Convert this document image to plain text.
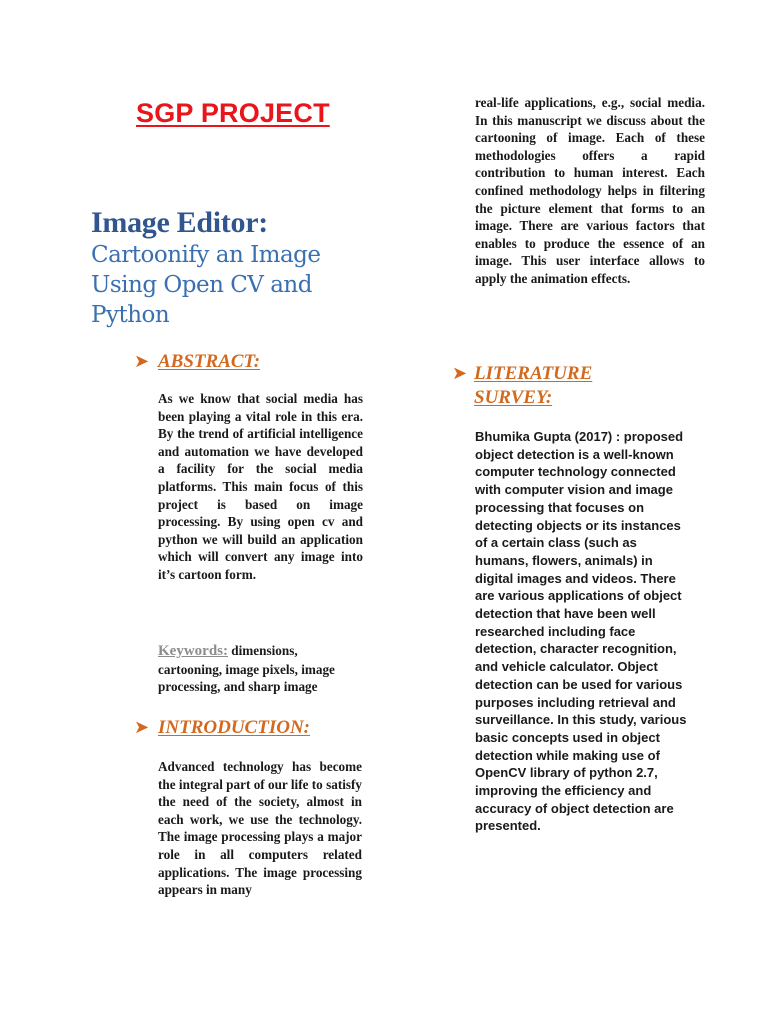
SGP PROJECT
Image Editor:
Cartoonify an Image Using Open CV and Python
➤ ABSTRACT:
As we know that social media has been playing a vital role in this era. By the trend of artificial intelligence and automation we have developed a facility for the social media platforms. This main focus of this project is based on image processing. By using open cv and python we will build an application which will convert any image into it’s cartoon form.
Keywords: dimensions, cartooning, image pixels, image processing, and sharp image
➤ INTRODUCTION:
Advanced technology has become the integral part of our life to satisfy the need of the society, almost in each work, we use the technology. The image processing plays a major role in all computers related applications. The image processing appears in many
real-life applications, e.g., social media. In this manuscript we discuss about the cartooning of image. Each of these methodologies offers a rapid contribution to human interest. Each confined methodology helps in filtering the picture element that forms to an image. There are various factors that enables to produce the essence of an image. This user interface allows to apply the animation effects.
➤ LITERATURE
SURVEY:
Bhumika Gupta (2017) : proposed object detection is a well-known computer technology connected with computer vision and image processing that focuses on detecting objects or its instances of a certain class (such as humans, flowers, animals) in digital images and videos. There are various applications of object detection that have been well researched including face detection, character recognition, and vehicle calculator. Object detection can be used for various purposes including retrieval and surveillance. In this study, various basic concepts used in object detection while making use of OpenCV library of python 2.7, improving the efficiency and accuracy of object detection are presented.
